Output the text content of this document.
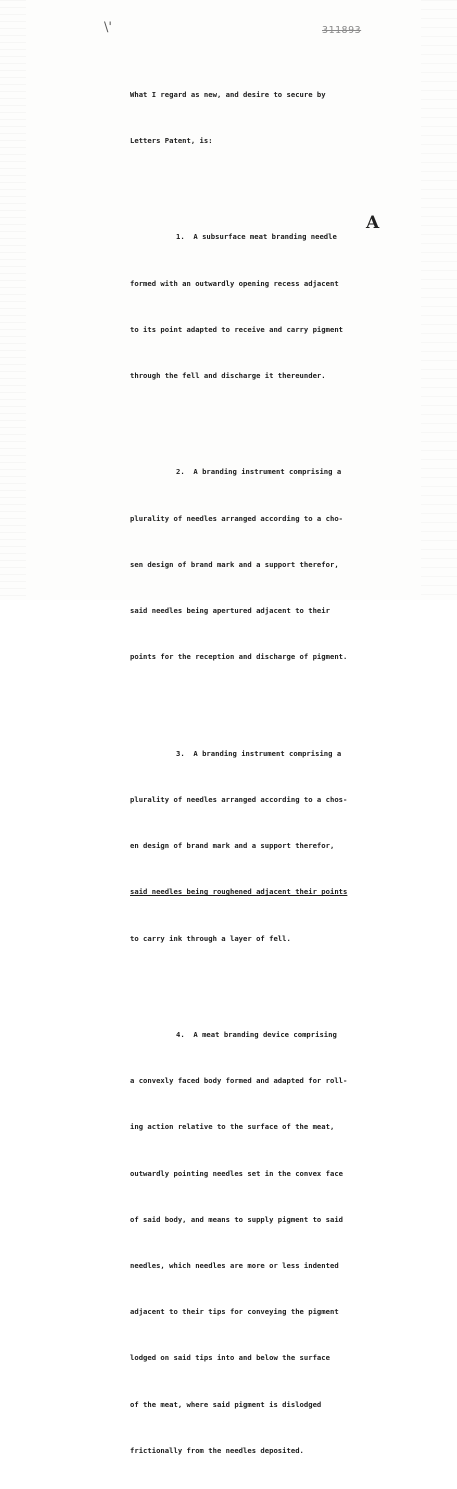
\'	311893
A

What I regard as new, and desire to secure by

Letters Patent, is:

1.  A subsurface meat branding needle

formed with an outwardly opening recess adjacent

to its point adapted to receive and carry pigment

through the fell and discharge it thereunder.

2.  A branding instrument comprising a

plurality of needles arranged according to a cho-

sen design of brand mark and a support therefor,

said needles being apertured adjacent to their

points for the reception and discharge of pigment.

3.  A branding instrument comprising a

plurality of needles arranged according to a chos-

en design of brand mark and a support therefor,

said needles being roughened adjacent their points

to carry ink through a layer of fell.

4.  A meat branding device comprising

a convexly faced body formed and adapted for roll-

ing action relative to the surface of the meat,

outwardly pointing needles set in the convex face

of said body, and means to supply pigment to said

needles, which needles are more or less indented

adjacent to their tips for conveying the pigment

lodged on said tips into and below the surface

of the meat, where said pigment is dislodged

frictionally from the needles deposited.
